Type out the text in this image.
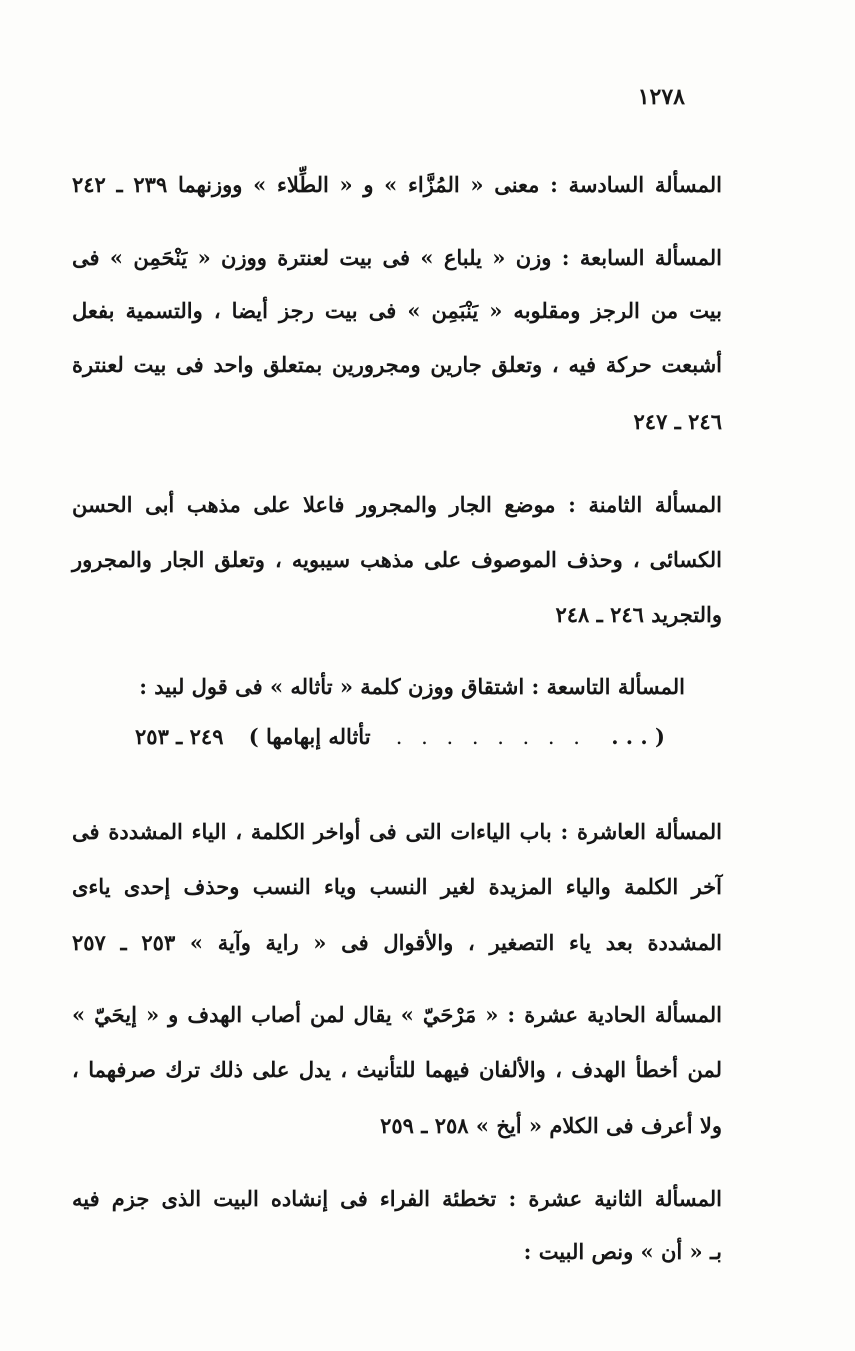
١٢٧٨
المسألة السادسة : معنى « المُزَّاء » و « الطِّلاء » ووزنهما ٢٣٩ ـ ٢٤٢
المسألة السابعة : وزن « يلباع » فى بيت لعنترة ووزن « يَنْحَمِن » فى
بيت من الرجز ومقلوبه « يَنْبَمِن » فى بيت رجز أيضا ، والتسمية بفعل
أشبعت حركة فيه ، وتعلق جارين ومجرورين بمتعلق واحد فى بيت لعنترة
٢٤٦ ـ ٢٤٧
المسألة الثامنة : موضع الجار والمجرور فاعلا على مذهب أبى الحسن
الكسائى ، وحذف الموصوف على مذهب سيبويه ، وتعلق الجار والمجرور
والتجريد ٢٤٦ ـ ٢٤٨
المسألة التاسعة : اشتقاق ووزن كلمة « تأثاله » فى قول لبيد :
( . . .
. . . . . . . .
تأثاله إبهامها )
٢٤٩ ـ ٢٥٣
المسألة العاشرة : باب الياءات التى فى أواخر الكلمة ، الياء المشددة فى
آخر الكلمة والياء المزيدة لغير النسب وياء النسب وحذف إحدى ياءى
المشددة بعد ياء التصغير ، والأقوال فى « راية وآية » ٢٥٣ ـ ٢٥٧
المسألة الحادية عشرة : « مَرْحَيّ » يقال لمن أصاب الهدف و « إيحَيّ »
لمن أخطأ الهدف ، والألفان فيهما للتأنيث ، يدل على ذلك ترك صرفهما ،
ولا أعرف فى الكلام « أيخ » ٢٥٨ ـ ٢٥٩
المسألة الثانية عشرة : تخطئة الفراء فى إنشاده البيت الذى جزم فيه
بـ « أن » ونص البيت :
